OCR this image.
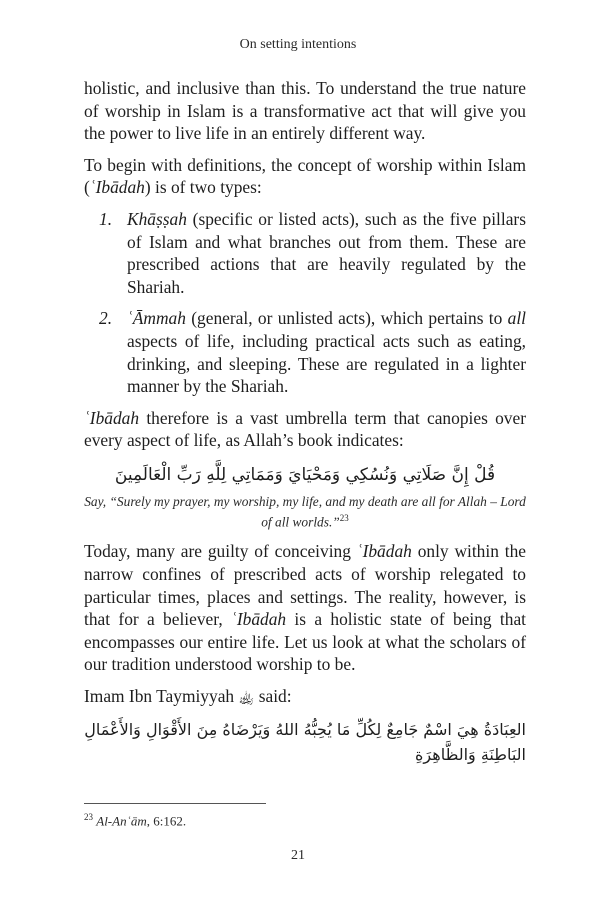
On setting intentions

holistic, and inclusive than this. To understand the true nature of worship in Islam is a transformative act that will give you the power to live life in an entirely different way.

To begin with definitions, the concept of worship within Islam (ʿIbādah) is of two types:

1. Khāṣṣah (specific or listed acts), such as the five pillars of Islam and what branches out from them. These are prescribed actions that are heavily regulated by the Shariah.
2. ʿĀmmah (general, or unlisted acts), which pertains to all aspects of life, including practical acts such as eating, drinking, and sleeping. These are regulated in a lighter manner by the Shariah.

ʿIbādah therefore is a vast umbrella term that canopies over every aspect of life, as Allah’s book indicates:

قُلْ إِنَّ صَلَاتِي وَنُسُكِي وَمَحْيَايَ وَمَمَاتِي لِلَّهِ رَبِّ الْعَالَمِينَ
Say, “Surely my prayer, my worship, my life, and my death are all for Allah – Lord of all worlds.”$^{23}$

Today, many are guilty of conceiving ʿIbādah only within the narrow confines of prescribed acts of worship relegated to particular times, places and settings. The reality, however, is that for a believer, ʿIbādah is a holistic state of being that encompasses our entire life. Let us look at what the scholars of our tradition understood worship to be.

Imam Ibn Taymiyyah ﵀ said:

العِبَادَةُ هِيَ اسْمٌ جَامِعٌ لِكُلِّ مَا يُحِبُّهُ اللهُ وَيَرْضَاهُ مِنَ الأَقْوَالِ وَالأَعْمَالِ
البَاطِنَةِ وَالظَّاهِرَةِ
$^{23}$ Al-Anʿām, 6:162.
21
